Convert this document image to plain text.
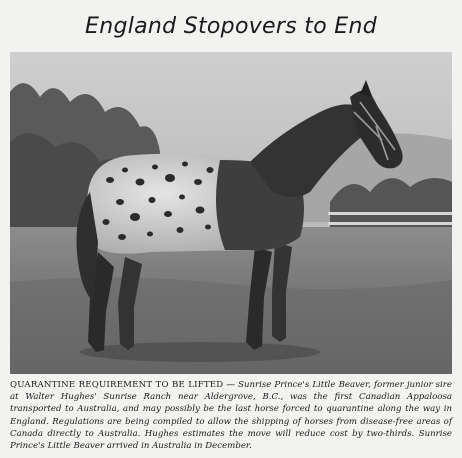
England Stopovers to End
QUARANTINE REQUIREMENT TO BE LIFTED — Sunrise Prince's Little Beaver, former junior sire at Walter Hughes' Sunrise Ranch near Aldergrove, B.C., was the first Canadian Appaloosa transported to Australia, and may possibly be the last horse forced to quarantine along the way in England. Regulations are being compiled to allow the shipping of horses from disease-free areas of Canada directly to Australia. Hughes estimates the move will reduce cost by two-thirds. Sunrise Prince's Little Beaver arrived in Australia in December.
